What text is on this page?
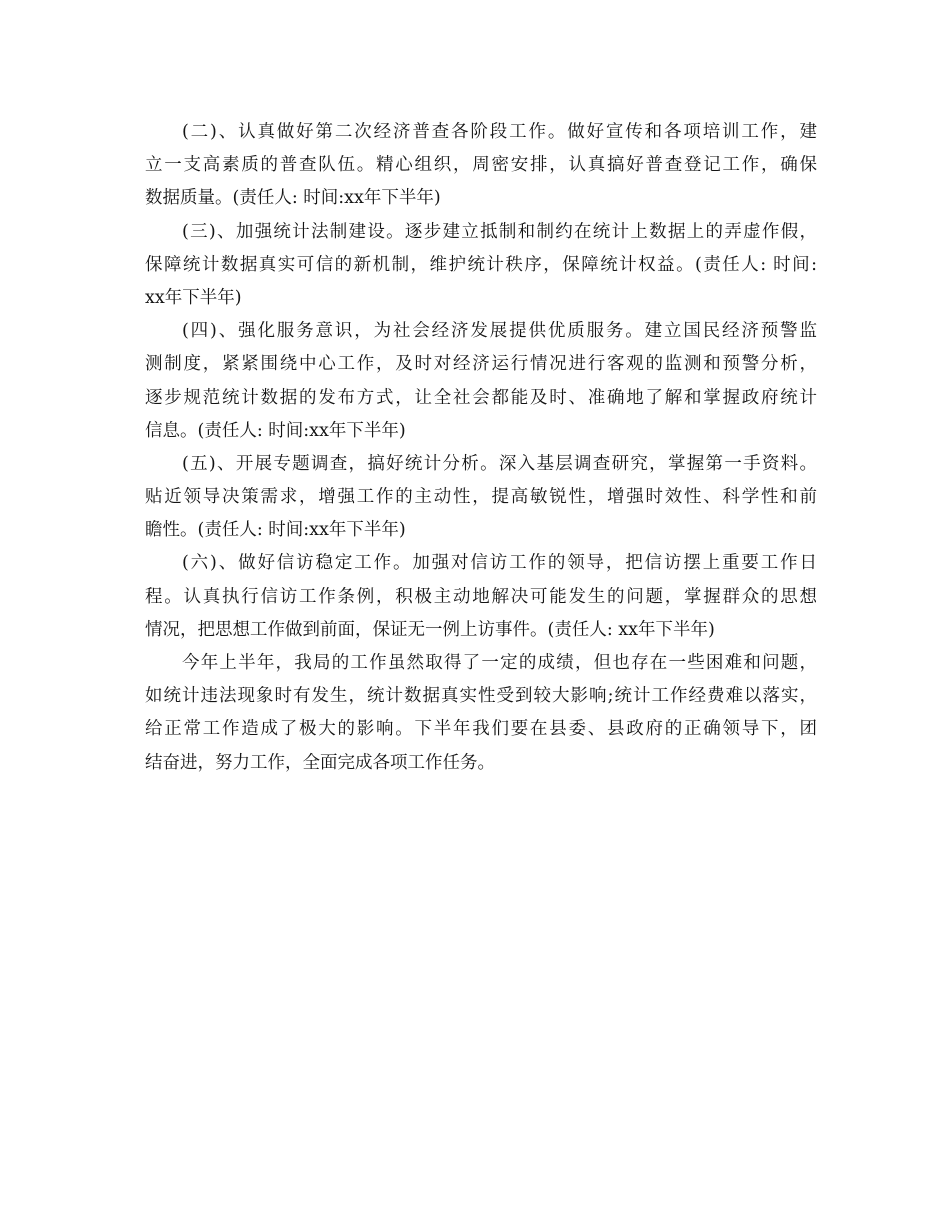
(二)、认真做好第二次经济普查各阶段工作。做好宣传和各项培训工作，建
立一支高素质的普查队伍。精心组织，周密安排，认真搞好普查登记工作，确保
数据质量。(责任人: 时间:xx年下半年)
(三)、加强统计法制建设。逐步建立抵制和制约在统计上数据上的弄虚作假，
保障统计数据真实可信的新机制，维护统计秩序，保障统计权益。(责任人: 时间:
xx年下半年)
(四)、强化服务意识，为社会经济发展提供优质服务。建立国民经济预警监
测制度，紧紧围绕中心工作，及时对经济运行情况进行客观的监测和预警分析，
逐步规范统计数据的发布方式，让全社会都能及时、准确地了解和掌握政府统计
信息。(责任人: 时间:xx年下半年)
(五)、开展专题调查，搞好统计分析。深入基层调查研究，掌握第一手资料。
贴近领导决策需求，增强工作的主动性，提高敏锐性，增强时效性、科学性和前
瞻性。(责任人: 时间:xx年下半年)
(六)、做好信访稳定工作。加强对信访工作的领导，把信访摆上重要工作日
程。认真执行信访工作条例，积极主动地解决可能发生的问题，掌握群众的思想
情况，把思想工作做到前面，保证无一例上访事件。(责任人: xx年下半年)
今年上半年，我局的工作虽然取得了一定的成绩，但也存在一些困难和问题，
如统计违法现象时有发生，统计数据真实性受到较大影响;统计工作经费难以落实，
给正常工作造成了极大的影响。下半年我们要在县委、县政府的正确领导下，团
结奋进，努力工作，全面完成各项工作任务。
